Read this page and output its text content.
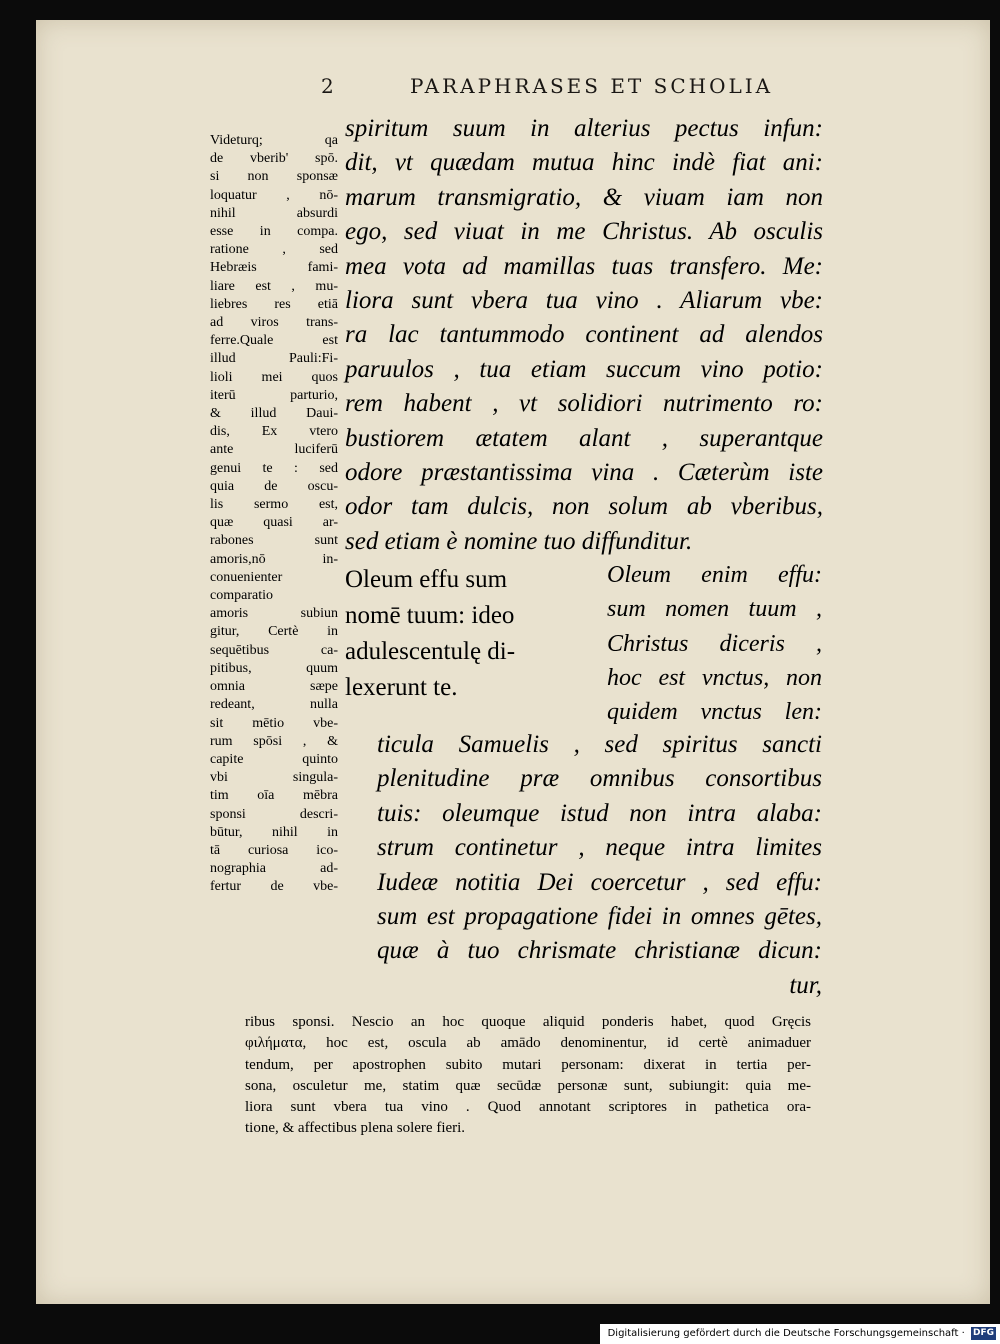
2	PARAPHRASES ET SCHOLIA
Videturq; qa
de vberib' spō.
si non sponsæ
loquatur , nō-
nihil absurdi
esse in compa.
ratione , sed
Hebræis fami-
liare est , mu-
liebres res etiā
ad viros trans-
ferre.Quale est
illud Pauli:Fi-
lioli mei quos
iterū parturio,
& illud Daui-
dis, Ex vtero
ante luciferū
genui te : sed
quia de oscu-
lis sermo est,
quæ quasi ar-
rabones sunt
amoris,nō in-
conuenienter
comparatio
amoris subiun
gitur, Certè in
sequētibus ca-
pitibus, quum
omnia sæpe
redeant, nulla
sit mētio vbe-
rum spōsi , &
capite quinto
vbi singula-
tim oīa mēbra
sponsi descri-
būtur, nihil in
tā curiosa ico-
nographia ad-
fertur de vbe-
spiritum suum in alterius pectus infun:
dit, vt quædam mutua hinc indè fiat ani:
marum transmigratio, & viuam iam non
ego, sed viuat in me Christus. Ab osculis
mea vota ad mamillas tuas transfero. Me:
liora sunt vbera tua vino . Aliarum vbe:
ra lac tantummodo continent ad alendos
paruulos , tua etiam succum vino potio:
rem habent , vt solidiori nutrimento ro:
bustiorem ætatem alant , superantque
odore præstantissima vina . Cæterùm iste
odor tam dulcis, non solum ab vberibus,
sed etiam è nomine tuo diffunditur.
Oleum effu sum
nomē tuum: ideo
adulescentulę di-
lexerunt te.
Oleum enim effu:
sum nomen tuum ,
Christus diceris ,
hoc est vnctus, non
quidem vnctus len:
ticula Samuelis , sed spiritus sancti
plenitudine præ omnibus consortibus
tuis: oleumque istud non intra alaba:
strum continetur , neque intra limites
Iudeæ notitia Dei coercetur , sed effu:
sum est propagatione fidei in omnes gētes,
quæ à tuo chrismate christianæ dicun:
tur,
ribus sponsi. Nescio an hoc quoque aliquid ponderis habet, quod Gręcis
φιλήματα, hoc est, oscula ab amādo denominentur, id certè animaduer
tendum, per apostrophen subito mutari personam: dixerat in tertia per-
sona, osculetur me, statim quæ secūdæ personæ sunt, subiungit: quia me-
liora sunt vbera tua vino . Quod annotant scriptores in pathetica ora-
tione, & affectibus plena solere fieri.
Digitalisierung gefördert durch die Deutsche Forschungsgemeinschaft · DFG
